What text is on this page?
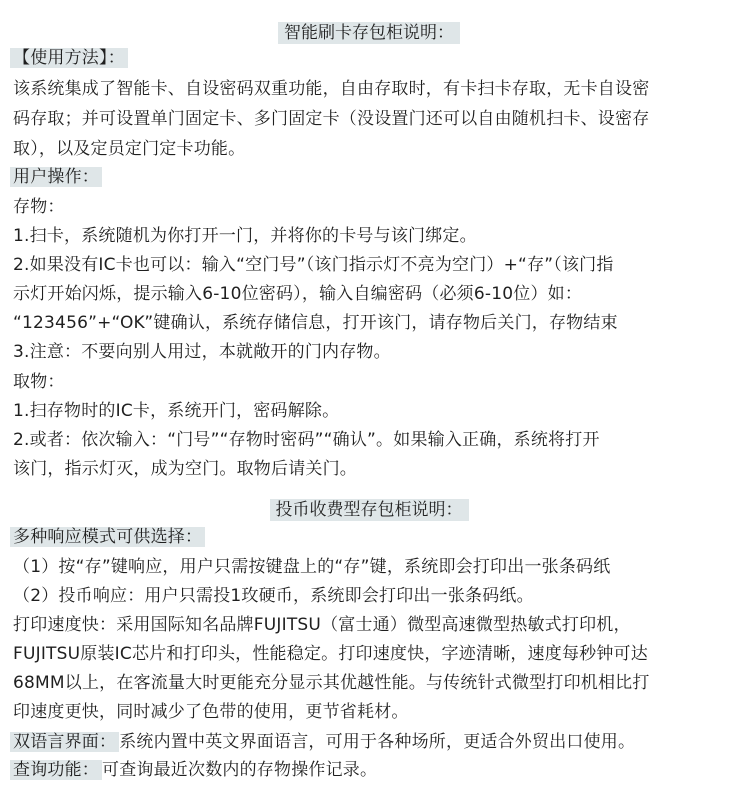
智能刷卡存包柜说明：
【使用方法】：
该系统集成了智能卡、自设密码双重功能，自由存取时，有卡扫卡存取，无卡自设密
码存取；并可设置单门固定卡、多门固定卡（没设置门还可以自由随机扫卡、设密存
取），以及定员定门定卡功能。
用户操作：
存物：
1.扫卡，系统随机为你打开一门，并将你的卡号与该门绑定。
2.如果没有IC卡也可以：输入“空门号”（该门指示灯不亮为空门）+“存”（该门指
示灯开始闪烁，提示输入6-10位密码），输入自编密码（必须6-10位）如：
“123456”+“OK”键确认，系统存储信息，打开该门，请存物后关门，存物结束
3.注意：不要向别人用过，本就敞开的门内存物。
取物：
1.扫存物时的IC卡，系统开门，密码解除。
2.或者：依次输入：“门号”“存物时密码”“确认”。如果输入正确，系统将打开
该门，指示灯灭，成为空门。取物后请关门。
投币收费型存包柜说明：
多种响应模式可供选择：
（1）按“存”键响应，用户只需按键盘上的“存”键，系统即会打印出一张条码纸
（2）投币响应：用户只需投1玫硬币，系统即会打印出一张条码纸。
打印速度快：采用国际知名品牌FUJITSU（富士通）微型高速微型热敏式打印机，
FUJITSU原装IC芯片和打印头，性能稳定。打印速度快，字迹清晰，速度每秒钟可达
68MM以上，在客流量大时更能充分显示其优越性能。与传统针式微型打印机相比打
印速度更快，同时减少了色带的使用，更节省耗材。
双语言界面： 系统内置中英文界面语言，可用于各种场所，更适合外贸出口使用。
查询功能： 可查询最近次数内的存物操作记录。
